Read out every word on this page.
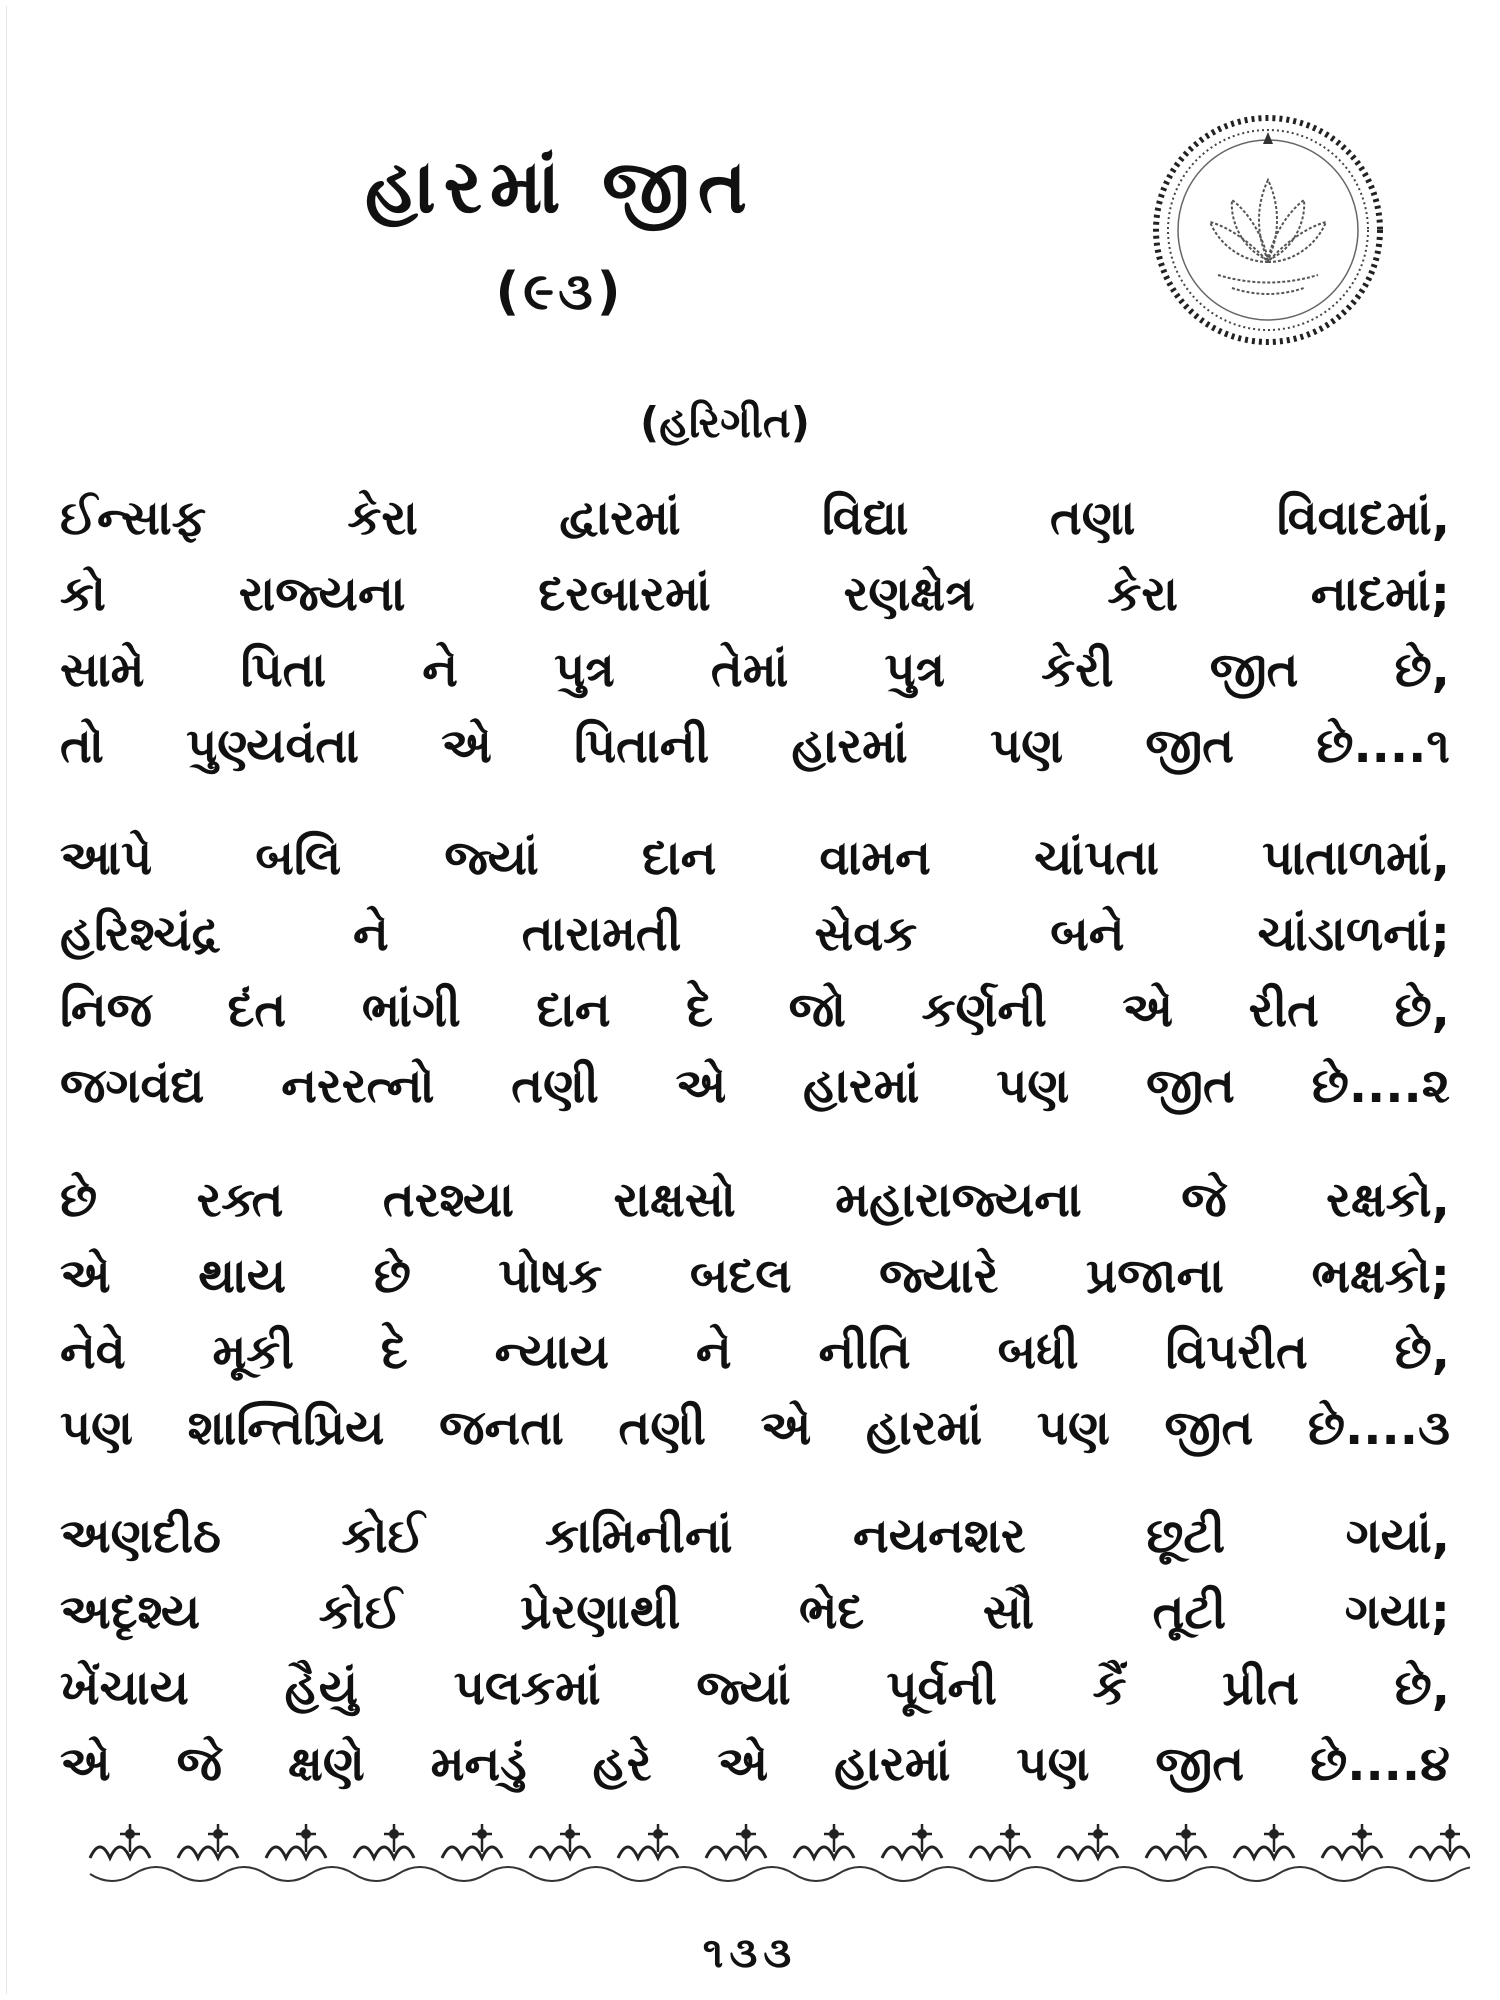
હારમાં જીત
(૯૩)
(હરિગીત)
ઈન્સાફ	કેરા	દ્વારમાં	વિદ્યા	તણા	વિવાદમાં,
કો	રાજ્યના	દરબારમાં	રણક્ષેત્ર	કેરા	નાદમાં;
સામે પિતા ને પુત્ર તેમાં પુત્ર કેરી જીત છે,
તો પુણ્યવંતા એ પિતાની હારમાં પણ જીત છે....૧
આપે બલિ જ્યાં દાન વામન ચાંપતા પાતાળમાં,
હરિશ્ચંદ્ર	ને	તારામતી	સેવક	બને	ચાંડાળનાં;
નિજ દંત ભાંગી દાન દે જો કર્ણની એ રીત છે,
જગવંદ્ય નરરત્નો તણી એ હારમાં પણ જીત છે....૨
છે રક્ત તરશ્યા રાક્ષસો મહારાજ્યના જે રક્ષકો,
એ થાય છે પોષક બદલ જ્યારે પ્રજાના ભક્ષકો;
નેવે મૂકી દે ન્યાય ને નીતિ બધી વિપરીત છે,
પણ શાન્તિપ્રિય જનતા તણી એ હારમાં પણ જીત છે....૩
અણદીઠ	કોઈ	કામિનીનાં	નયનશર	છૂટી	ગયાં,
અદૃશ્ય કોઈ પ્રેરણાથી ભેદ સૌ તૂટી ગયા;
ખેંચાય હૈયું પલકમાં જ્યાં પૂર્વની કૈં પ્રીત છે,
એ જે ક્ષણે મનડું હરે એ હારમાં પણ જીત છે....૪
૧૩૩
